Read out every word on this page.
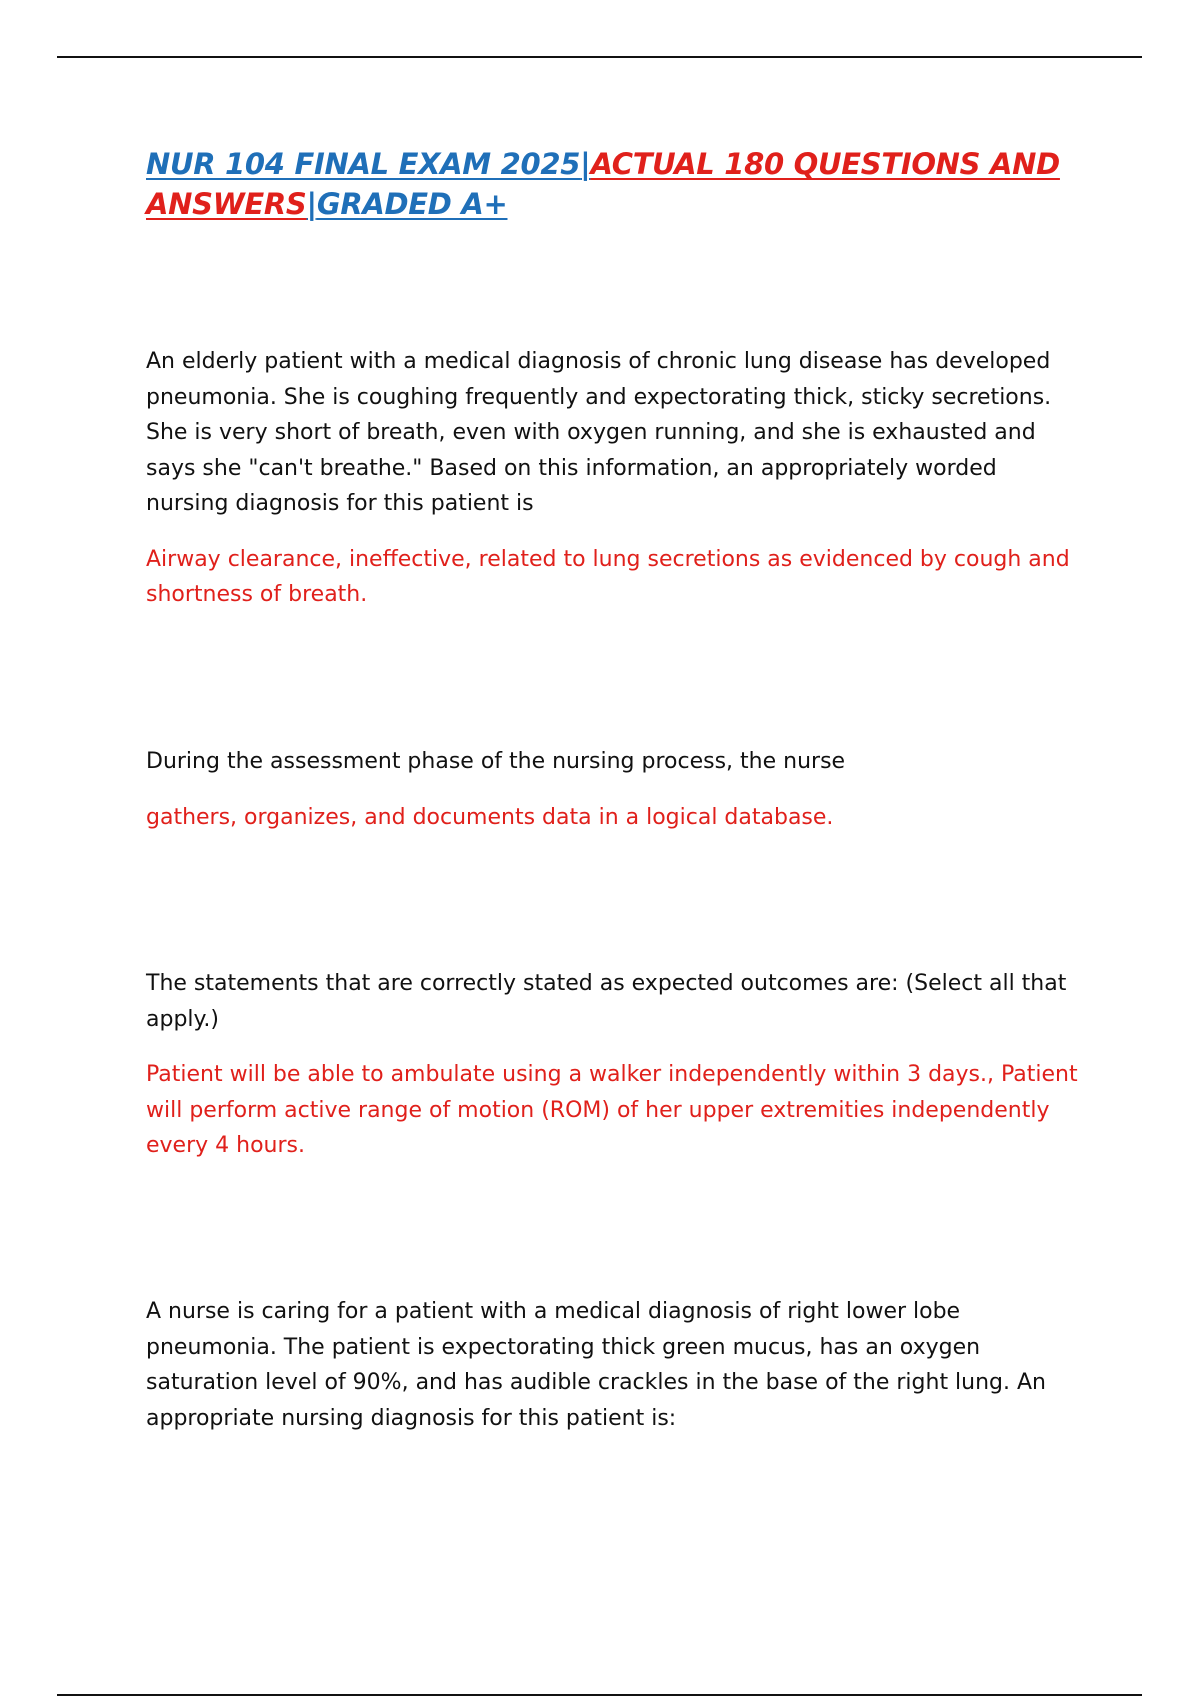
NUR 104 FINAL EXAM 2025|ACTUAL 180 QUESTIONS AND ANSWERS|GRADED A+

An elderly patient with a medical diagnosis of chronic lung disease has developed pneumonia. She is coughing frequently and expectorating thick, sticky secretions. She is very short of breath, even with oxygen running, and she is exhausted and says she "can't breathe." Based on this information, an appropriately worded nursing diagnosis for this patient is

Airway clearance, ineffective, related to lung secretions as evidenced by cough and shortness of breath.

During the assessment phase of the nursing process, the nurse

gathers, organizes, and documents data in a logical database.

The statements that are correctly stated as expected outcomes are: (Select all that apply.)

Patient will be able to ambulate using a walker independently within 3 days., Patient will perform active range of motion (ROM) of her upper extremities independently every 4 hours.

A nurse is caring for a patient with a medical diagnosis of right lower lobe pneumonia. The patient is expectorating thick green mucus, has an oxygen saturation level of 90%, and has audible crackles in the base of the right lung. An appropriate nursing diagnosis for this patient is:
